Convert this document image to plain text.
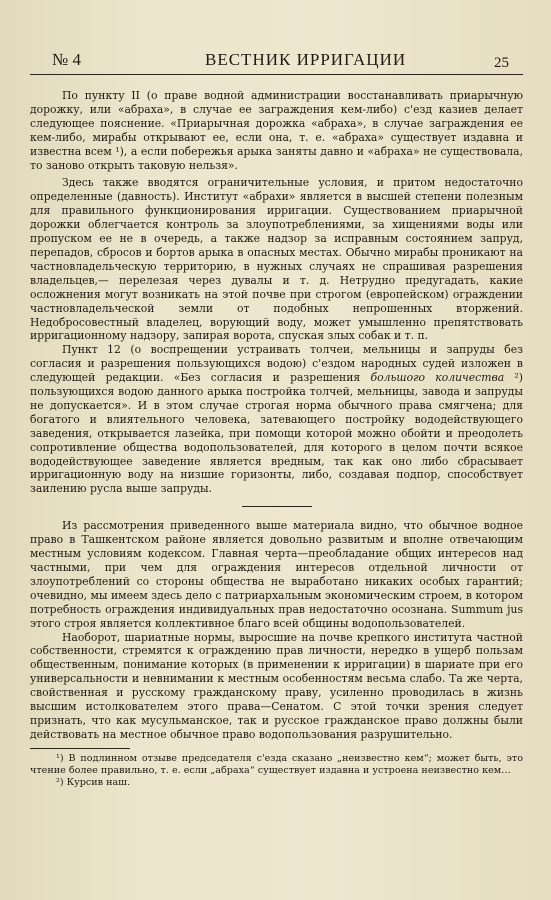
№ 4	ВЕСТНИК ИРРИГАЦИИ	25

По пункту II (о праве водной администрации восстанавливать приарычную дорожку, или «абраха», в случае ее заграждения кем-либо) с'езд казиев делает следующее пояснение. «Приарычная дорожка «абраха», в случае заграждения ее кем-либо, мирабы открывают ее, если она, т. е. «абраха» существует издавна и известна всем ¹), а если побережья арыка заняты давно и «абраха» не существовала, то заново открыть таковую нельзя».

Здесь также вводятся ограничительные условия, и притом недостаточно определенные (давность). Институт «абрахи» является в высшей степени полезным для правильного функционирования ирригации. Существованием приарычной дорожки облегчается контроль за злоупотреблениями, за хищениями воды или пропуском ее не в очередь, а также надзор за исправным состоянием запруд, перепадов, сбросов и бортов арыка в опасных местах. Обычно мирабы проникают на частновладельческую территорию, в нужных случаях не спрашивая разрешения владельцев,— перелезая через дувалы и т. д. Нетрудно предугадать, какие осложнения могут возникать на этой почве при строгом (европейском) ограждении частновладельческой земли от подобных непрошенных вторжений. Недобросовестный владелец, ворующий воду, может умышленно препятствовать ирригационному надзору, запирая ворота, спуская злых собак и т. п.

Пункт 12 (о воспрещении устраивать толчеи, мельницы и запруды без согласия и разрешения пользующихся водою) с'ездом народных судей изложен в следующей редакции. «Без согласия и разрешения большого количества ²) пользующихся водою данного арыка постройка толчей, мельницы, завода и запруды не допускается». И в этом случае строгая норма обычного права смягчена; для богатого и влиятельного человека, затевающего постройку вододействующего заведения, открывается лазейка, при помощи которой можно обойти и преодолеть сопротивление общества водопользователей, для которого в целом почти всякое вододействующее заведение является вредным, так как оно либо сбрасывает ирригационную воду на низшие горизонты, либо, создавая подпор, способствует заилению русла выше запруды.

Из рассмотрения приведенного выше материала видно, что обычное водное право в Ташкентском районе является довольно развитым и вполне отвечающим местным условиям кодексом. Главная черта—преобладание общих интересов над частными, при чем для ограждения интересов отдельной личности от злоупотреблений со стороны общества не выработано никаких особых гарантий; очевидно, мы имеем здесь дело с патриархальным экономическим строем, в котором потребность ограждения индивидуальных прав недостаточно осознана. Summum jus этого строя является коллективное благо всей общины водопользователей.

Наоборот, шариатные нормы, выросшие на почве крепкого института частной собственности, стремятся к ограждению прав личности, нередко в ущерб пользам общественным, понимание которых (в применении к ирригации) в шариате при его универсальности и невнимании к местным особенностям весьма слабо. Та же черта, свойственная и русскому гражданскому праву, усиленно проводилась в жизнь высшим истолкователем этого права—Сенатом. С этой точки зрения следует признать, что как мусульманское, так и русское гражданское право должны были действовать на местное обычное право водопользования разрушительно.

¹) В подлинном отзыве председателя с'езда сказано „неизвестно кем“; может быть, это чтение более правильно, т. е. если „абраха“ существует издавна и устроена неизвестно кем…

²) Курсив наш.
